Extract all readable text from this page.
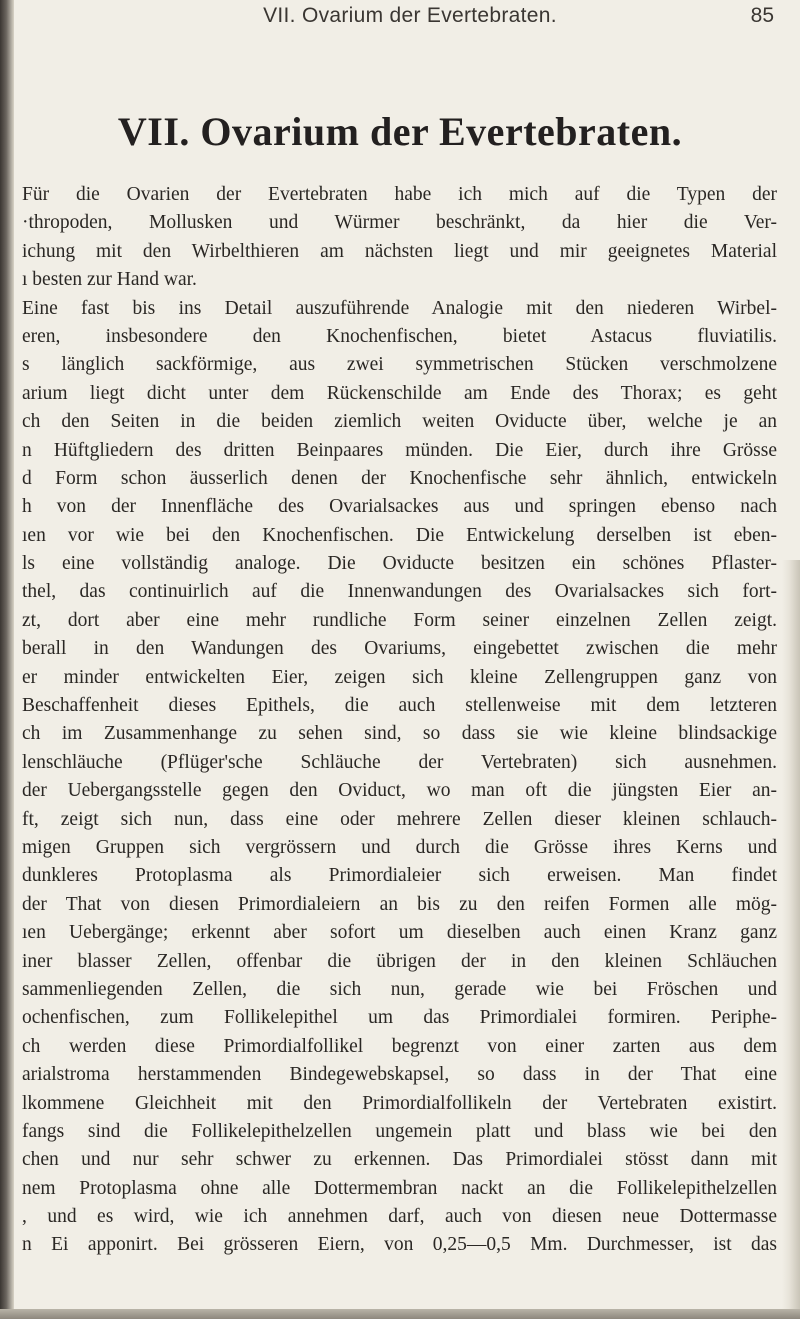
VII. Ovarium der Evertebraten.	85
VII. Ovarium der Evertebraten.
Für die Ovarien der Evertebraten habe ich mich auf die Typen der
·thropoden, Mollusken und Würmer beschränkt, da hier die Ver-
ichung mit den Wirbelthieren am nächsten liegt und mir geeignetes Material
ı besten zur Hand war.
Eine fast bis ins Detail auszuführende Analogie mit den niederen Wirbel-
eren, insbesondere den Knochenfischen, bietet Astacus fluviatilis.
s länglich sackförmige, aus zwei symmetrischen Stücken verschmolzene
arium liegt dicht unter dem Rückenschilde am Ende des Thorax; es geht
ch den Seiten in die beiden ziemlich weiten Oviducte über, welche je an
n Hüftgliedern des dritten Beinpaares münden. Die Eier, durch ihre Grösse
d Form schon äusserlich denen der Knochenfische sehr ähnlich, entwickeln
h von der Innenfläche des Ovarialsackes aus und springen ebenso nach
ıen vor wie bei den Knochenfischen. Die Entwickelung derselben ist eben-
ls eine vollständig analoge. Die Oviducte besitzen ein schönes Pflaster-
thel, das continuirlich auf die Innenwandungen des Ovarialsackes sich fort-
zt, dort aber eine mehr rundliche Form seiner einzelnen Zellen zeigt.
berall in den Wandungen des Ovariums, eingebettet zwischen die mehr
er minder entwickelten Eier, zeigen sich kleine Zellengruppen ganz von
Beschaffenheit dieses Epithels, die auch stellenweise mit dem letzteren
ch im Zusammenhange zu sehen sind, so dass sie wie kleine blindsackige
lenschläuche (Pflüger'sche Schläuche der Vertebraten) sich ausnehmen.
der Uebergangsstelle gegen den Oviduct, wo man oft die jüngsten Eier an-
ft, zeigt sich nun, dass eine oder mehrere Zellen dieser kleinen schlauch-
migen Gruppen sich vergrössern und durch die Grösse ihres Kerns und
dunkleres Protoplasma als Primordialeier sich erweisen. Man findet
der That von diesen Primordialeiern an bis zu den reifen Formen alle mög-
ıen Uebergänge; erkennt aber sofort um dieselben auch einen Kranz ganz
iner blasser Zellen, offenbar die übrigen der in den kleinen Schläuchen
sammenliegenden Zellen, die sich nun, gerade wie bei Fröschen und
ochenfischen, zum Follikelepithel um das Primordialei formiren. Periphe-
ch werden diese Primordialfollikel begrenzt von einer zarten aus dem
arialstroma herstammenden Bindegewebskapsel, so dass in der That eine
lkommene Gleichheit mit den Primordialfollikeln der Vertebraten existirt.
fangs sind die Follikelepithelzellen ungemein platt und blass wie bei den
chen und nur sehr schwer zu erkennen. Das Primordialei stösst dann mit
nem Protoplasma ohne alle Dottermembran nackt an die Follikelepithelzellen
, und es wird, wie ich annehmen darf, auch von diesen neue Dottermasse
n Ei apponirt. Bei grösseren Eiern, von 0,25—0,5 Mm. Durchmesser, ist das
